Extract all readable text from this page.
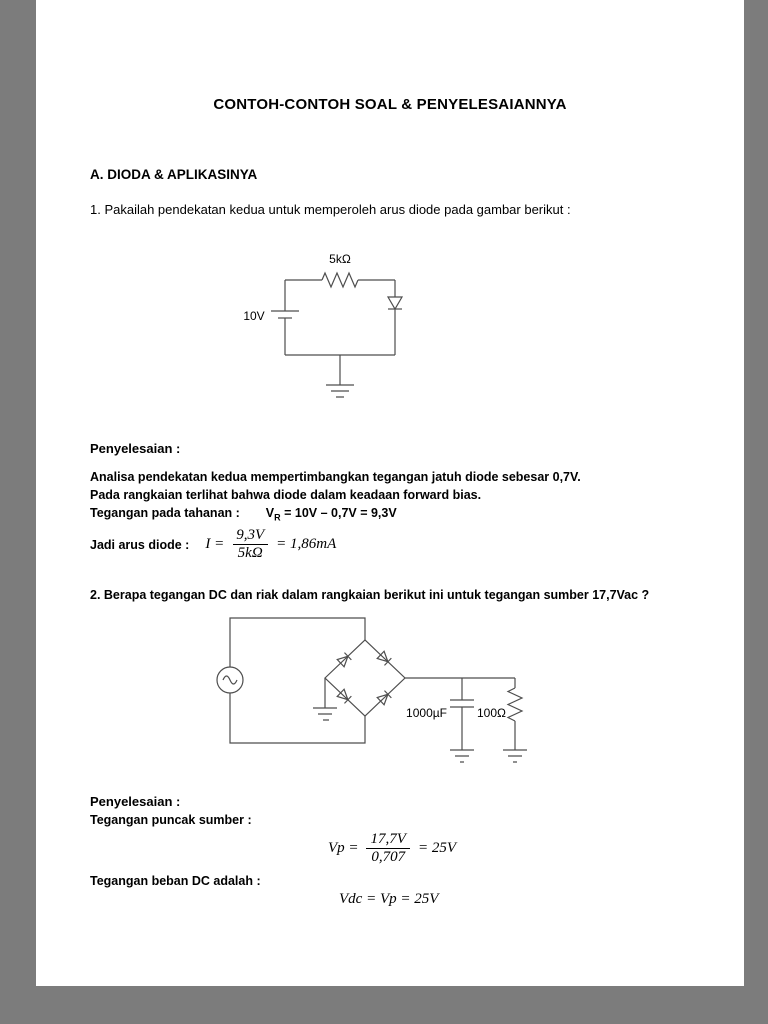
CONTOH-CONTOH SOAL & PENYELESAIANNYA
A. DIODA & APLIKASINYA
1. Pakailah pendekatan kedua untuk memperoleh arus diode pada gambar berikut :
5kΩ
10V
Penyelesaian :
Analisa pendekatan kedua mempertimbangkan tegangan jatuh diode sebesar 0,7V.
Pada rangkaian terlihat bahwa diode dalam keadaan forward bias.
Tegangan pada tahanan : $V_R = 10V - 0,7V = 9,3V$
Jadi arus diode : $I = \frac{9,3V}{5k\Omega} = 1,86mA$
2. Berapa tegangan DC dan riak dalam rangkaian berikut ini untuk tegangan sumber 17,7Vac ?
1000µF	100Ω
Penyelesaian :
Tegangan puncak sumber :
$Vp = \frac{17,7V}{0,707} = 25V$
Tegangan beban DC adalah :
Vdc = Vp = 25V
